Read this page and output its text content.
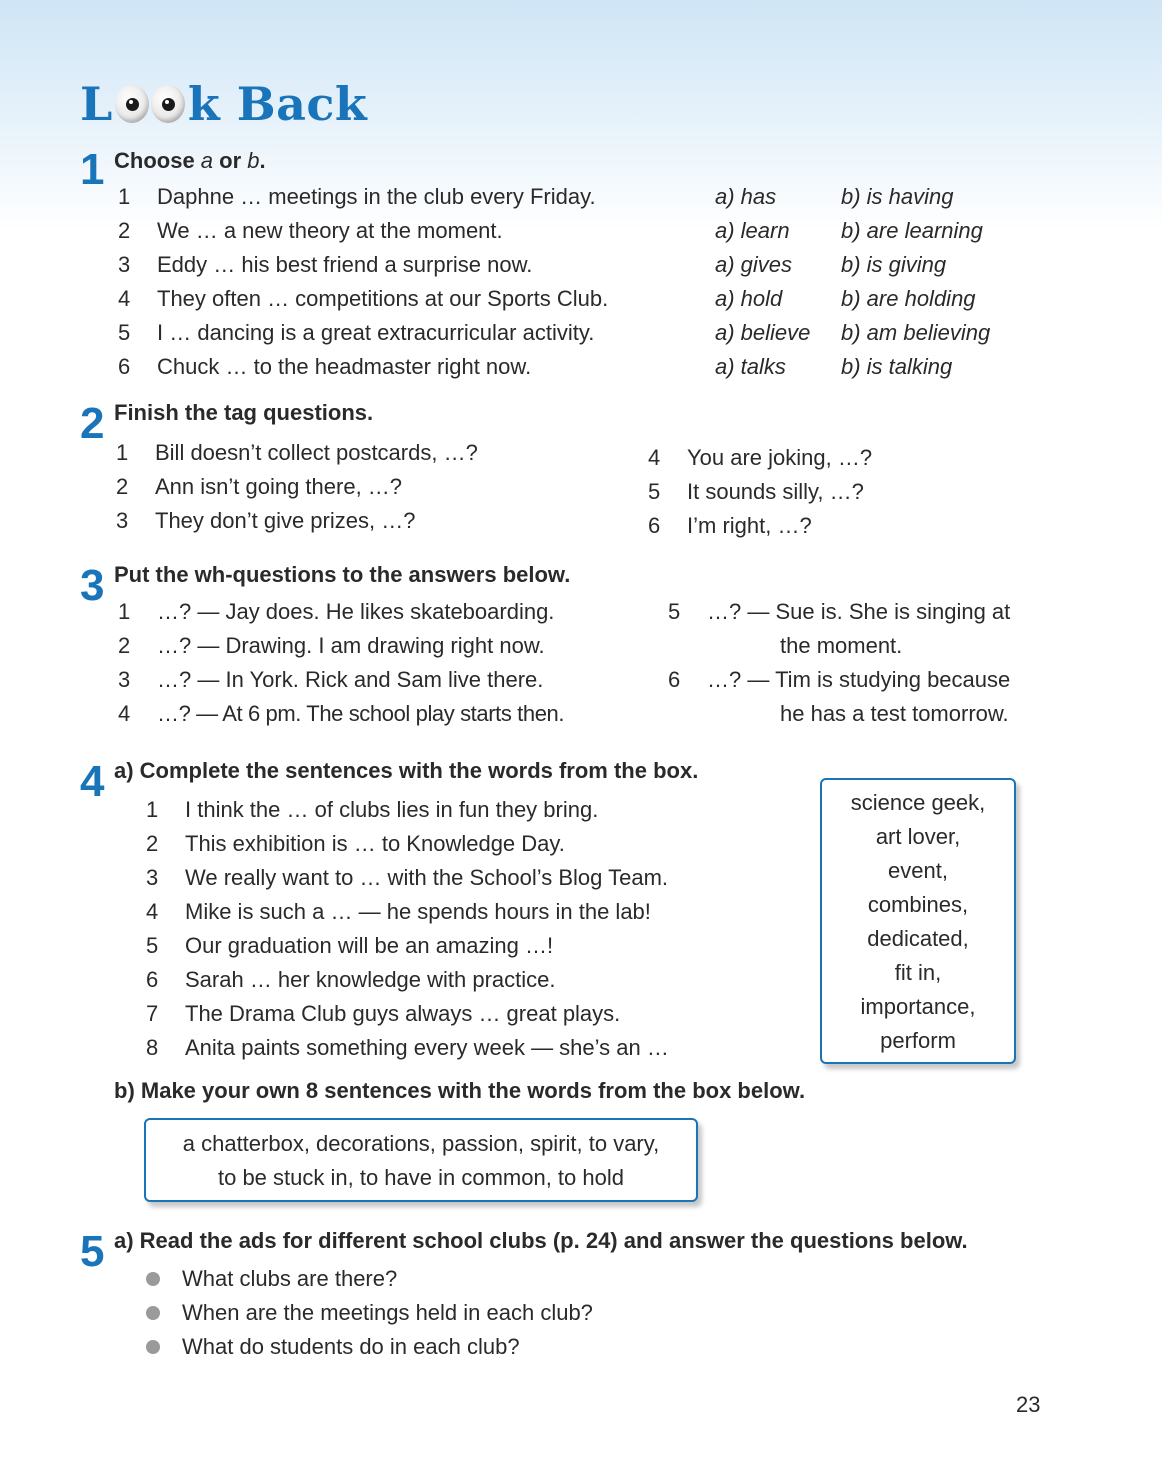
L k Back
1 Choose a or b.
1 Daphne … meetings in the club every Friday.	a) has	b) is having
2 We … a new theory at the moment.	a) learn b) are learning
3 Eddy … his best friend a surprise now.	a) gives b) is giving
4 They often … competitions at our Sports Club.	a) hold	b) are holding
5 I … dancing is a great extracurricular activity.	a) believe b) am believing
6 Chuck … to the headmaster right now.	a) talks	b) is talking
2 Finish the tag questions.
1 Bill doesn’t collect postcards, …?
2 Ann isn’t going there, …?
3 They don’t give prizes, …?
4 You are joking, …?
5 It sounds silly, …?
6 I’m right, …?
3 Put the wh-questions to the answers below.
1 …? — Jay does. He likes skateboarding.
2 …? — Drawing. I am drawing right now.
3 …? — In York. Rick and Sam live there.
4 …? — At 6 pm. The school play starts then.
5 …? — Sue is. She is singing at
the moment.
6 …? — Tim is studying because
he has a test tomorrow.
4 a) Complete the sentences with the words from the box.
1 I think the … of clubs lies in fun they bring.
2 This exhibition is … to Knowledge Day.
3 We really want to … with the School’s Blog Team.
4 Mike is such a … — he spends hours in the lab!
5 Our graduation will be an amazing …!
6 Sarah … her knowledge with practice.
7 The Drama Club guys always … great plays.
8 Anita paints something every week — she’s an …
science geek,
art lover,
event,
combines,
dedicated,
fit in,
importance,
perform
b) Make your own 8 sentences with the words from the box below.
a chatterbox, decorations, passion, spirit, to vary,
to be stuck in, to have in common, to hold
5 a) Read the ads for different school clubs (p. 24) and answer the questions below.
What clubs are there?
When are the meetings held in each club?
What do students do in each club?
23
